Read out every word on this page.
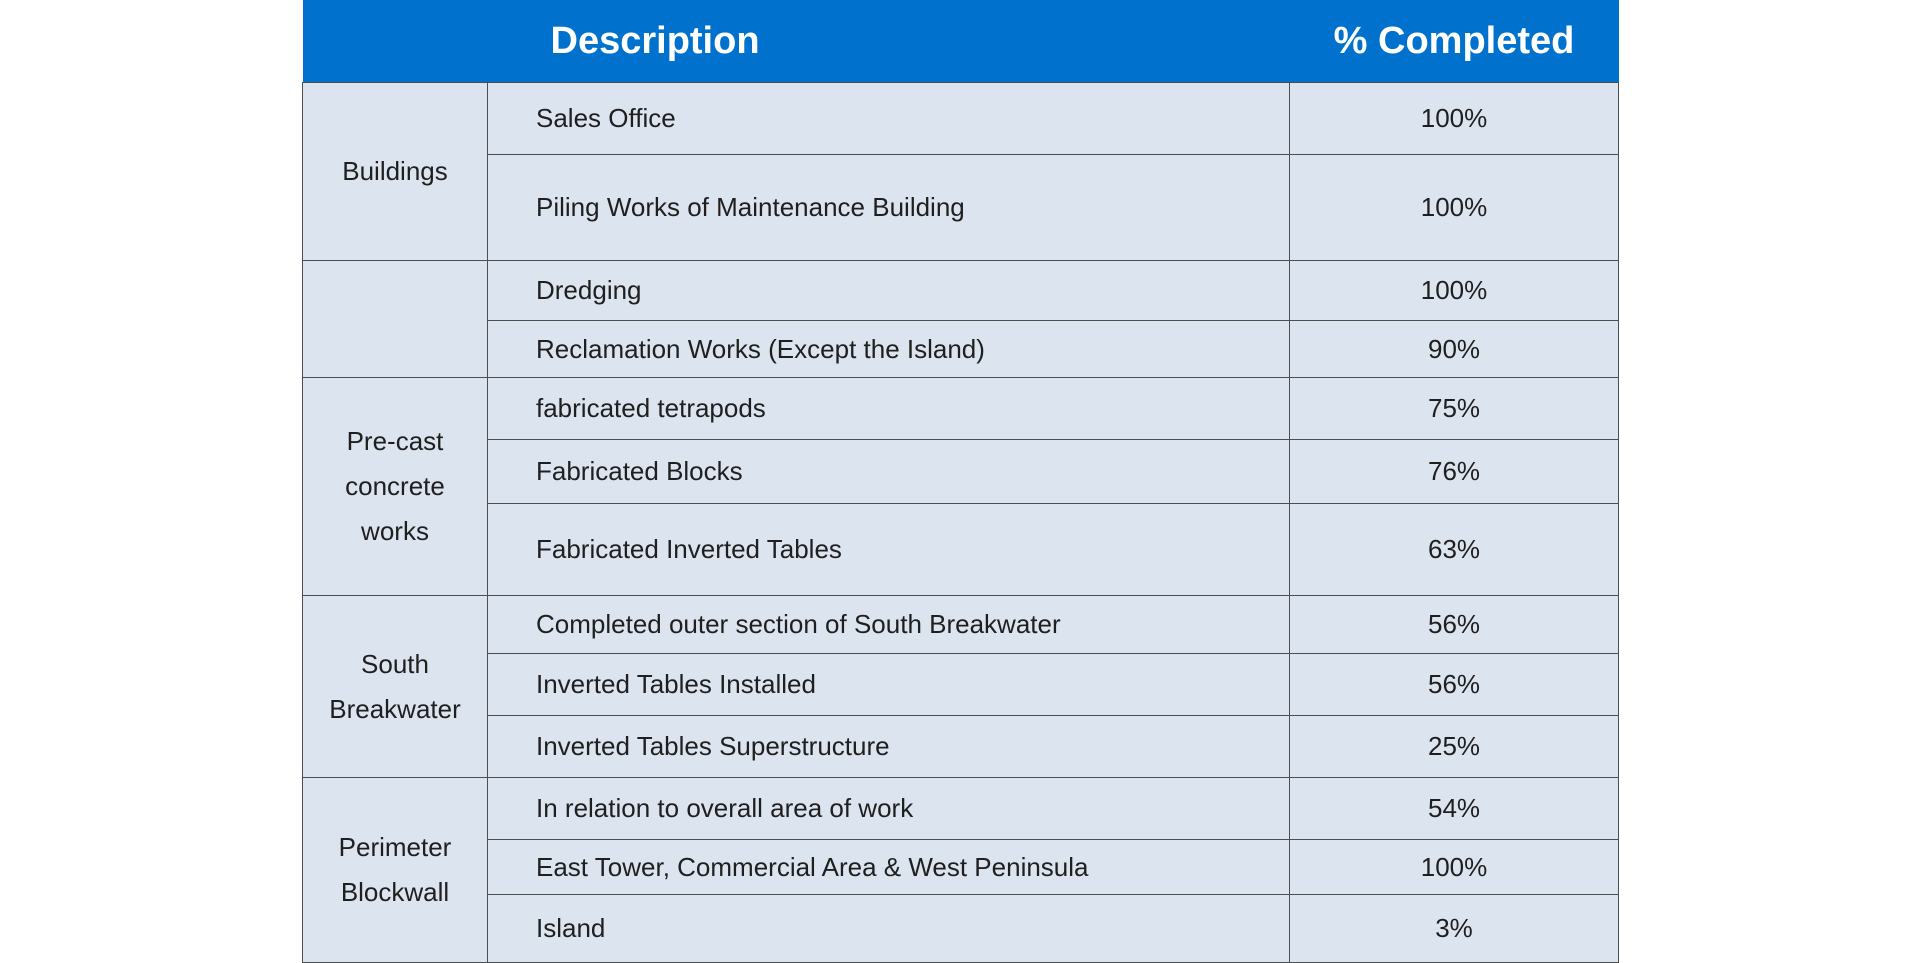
Description		% Completed

Buildings	Sales Office	100%
	Piling Works of Maintenance Building	100%
	Dredging	100%
	Reclamation Works (Except the Island)	90%

Pre-cast
concrete
works	fabricated tetrapods	75%
	Fabricated Blocks	76%
	Fabricated Inverted Tables	63%

South
Breakwater	Completed outer section of South Breakwater	56%
	Inverted Tables Installed	56%
	Inverted Tables Superstructure	25%

Perimeter
Blockwall	In relation to overall area of work	54%
	East Tower, Commercial Area & West Peninsula	100%
	Island	3%
